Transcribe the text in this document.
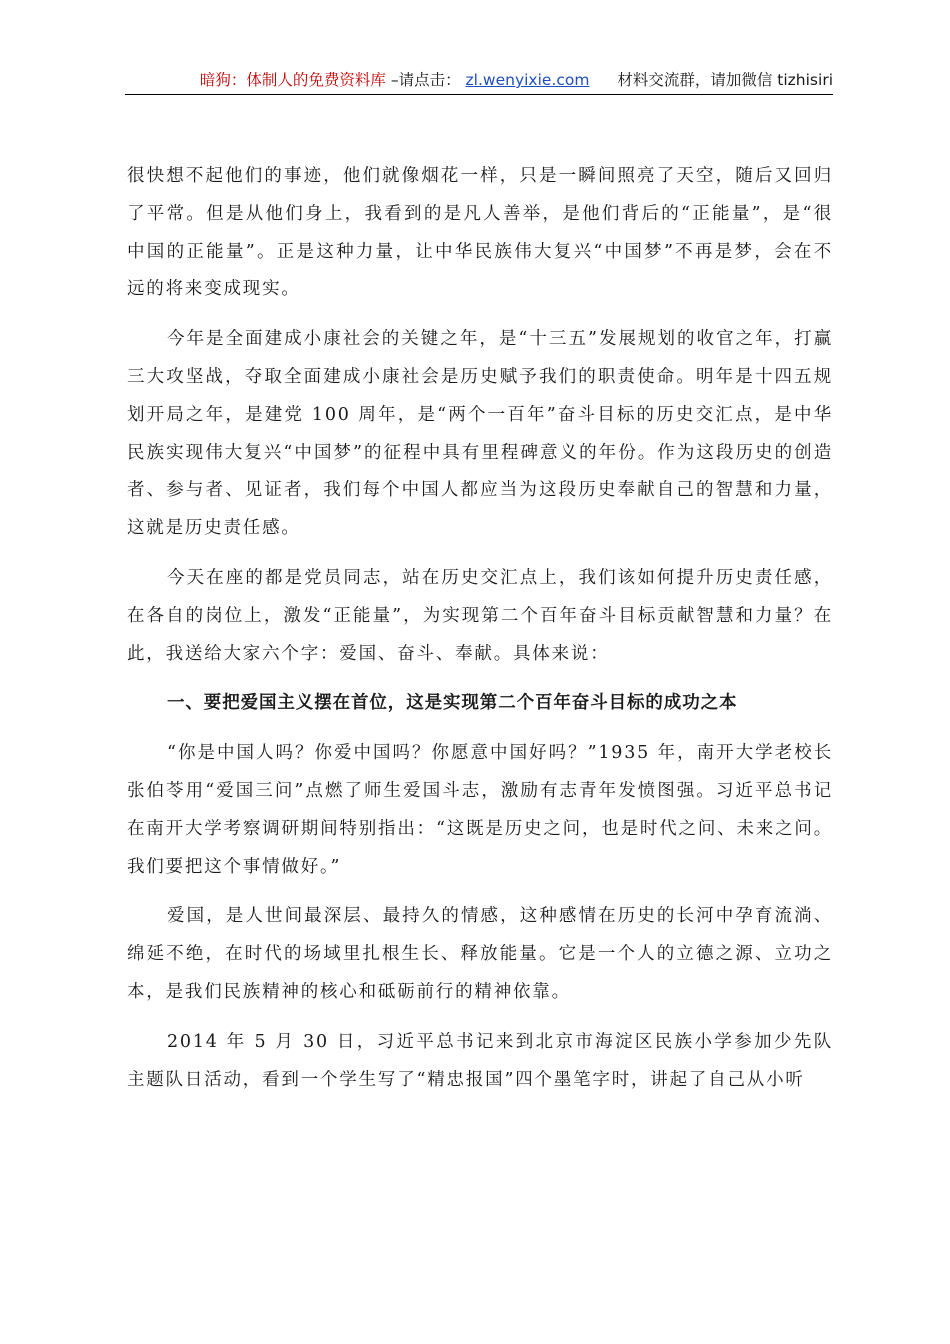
暗狗：体制人的免费资料库 –请点击： zl.wenyixie.com 材料交流群，请加微信 tizhisiri

很快想不起他们的事迹，他们就像烟花一样，只是一瞬间照亮了天空，随后又回归了平常。但是从他们身上，我看到的是凡人善举，是他们背后的“正能量”，是“很中国的正能量”。正是这种力量，让中华民族伟大复兴“中国梦”不再是梦，会在不远的将来变成现实。

今年是全面建成小康社会的关键之年，是“十三五”发展规划的收官之年，打赢三大攻坚战，夺取全面建成小康社会是历史赋予我们的职责使命。明年是十四五规划开局之年，是建党 100 周年，是“两个一百年”奋斗目标的历史交汇点，是中华民族实现伟大复兴“中国梦”的征程中具有里程碑意义的年份。作为这段历史的创造者、参与者、见证者，我们每个中国人都应当为这段历史奉献自己的智慧和力量，这就是历史责任感。

今天在座的都是党员同志，站在历史交汇点上，我们该如何提升历史责任感，在各自的岗位上，激发“正能量”，为实现第二个百年奋斗目标贡献智慧和力量？在此，我送给大家六个字：爱国、奋斗、奉献。具体来说：

一、要把爱国主义摆在首位，这是实现第二个百年奋斗目标的成功之本

“你是中国人吗？你爱中国吗？你愿意中国好吗？”1935 年，南开大学老校长张伯苓用“爱国三问”点燃了师生爱国斗志，激励有志青年发愤图强。习近平总书记在南开大学考察调研期间特别指出：“这既是历史之问，也是时代之问、未来之问。我们要把这个事情做好。”

爱国，是人世间最深层、最持久的情感，这种感情在历史的长河中孕育流淌、绵延不绝，在时代的场域里扎根生长、释放能量。它是一个人的立德之源、立功之本，是我们民族精神的核心和砥砺前行的精神依靠。

2014 年 5 月 30 日，习近平总书记来到北京市海淀区民族小学参加少先队主题队日活动，看到一个学生写了“精忠报国”四个墨笔字时，讲起了自己从小听
